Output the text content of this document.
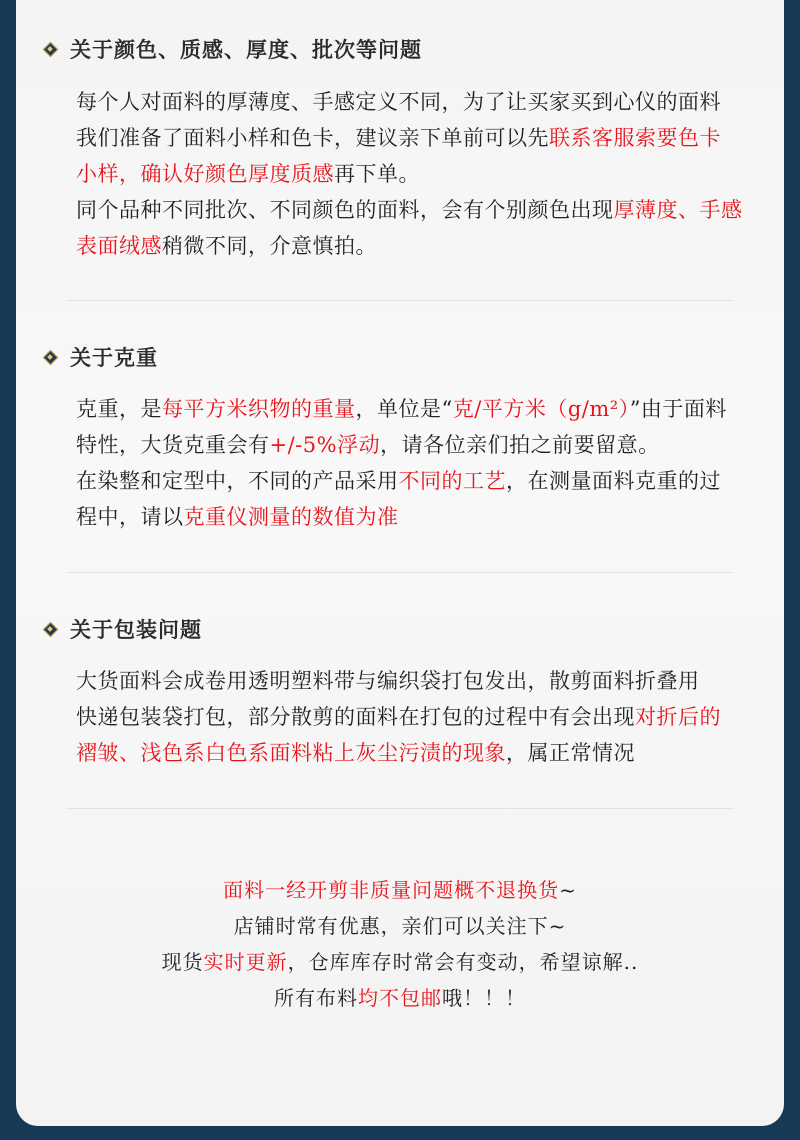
关于颜色、质感、厚度、批次等问题

每个人对面料的厚薄度、手感定义不同，为了让买家买到心仪的面料

我们准备了面料小样和色卡，建议亲下单前可以先联系客服索要色卡

小样，确认好颜色厚度质感再下单。

同个品种不同批次、不同颜色的面料，会有个别颜色出现厚薄度、手感

表面绒感稍微不同，介意慎拍。

关于克重

克重，是每平方米织物的重量，单位是“克/平方米（g/m²）”由于面料

特性，大货克重会有+/-5%浮动，请各位亲们拍之前要留意。

在染整和定型中，不同的产品采用不同的工艺，在测量面料克重的过

程中，请以克重仪测量的数值为准

关于包装问题

大货面料会成卷用透明塑料带与编织袋打包发出，散剪面料折叠用

快递包装袋打包，部分散剪的面料在打包的过程中有会出现对折后的

褶皱、浅色系白色系面料粘上灰尘污渍的现象，属正常情况

面料一经开剪非质量问题概不退换货~

店铺时常有优惠，亲们可以关注下~

现货实时更新，仓库库存时常会有变动，希望谅解..

所有布料均不包邮哦！！！
